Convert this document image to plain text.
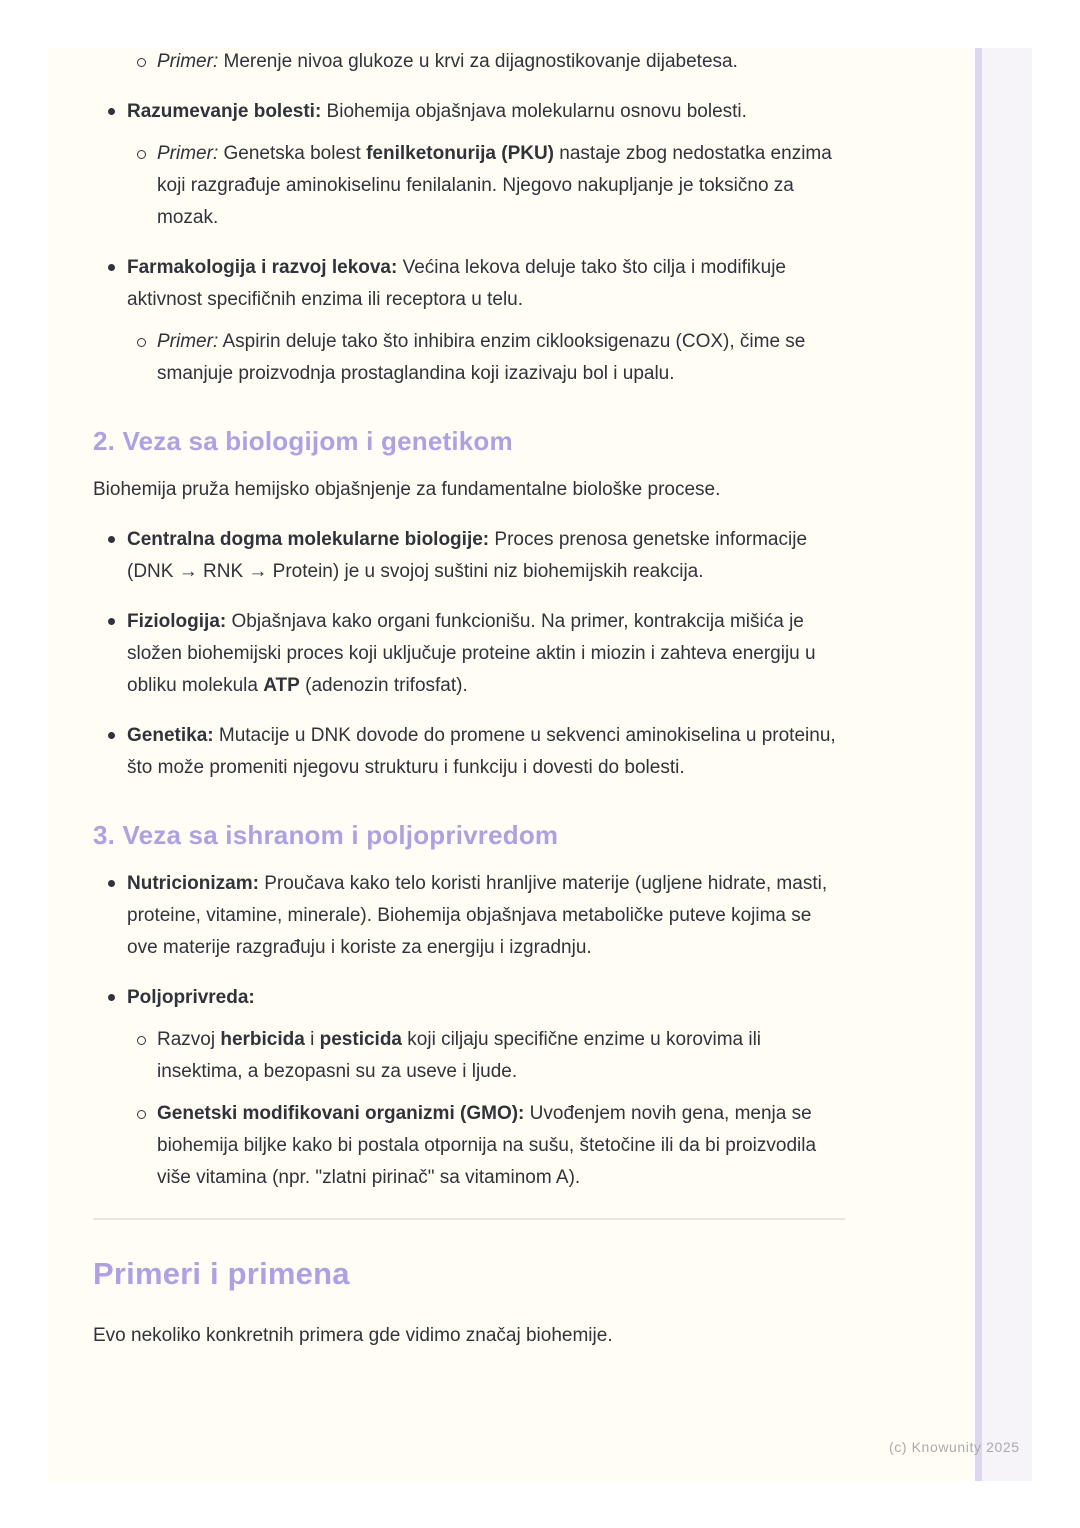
Primer: Merenje nivoa glukoze u krvi za dijagnostikovanje dijabetesa.
Razumevanje bolesti: Biohemija objašnjava molekularnu osnovu bolesti.
Primer: Genetska bolest fenilketonurija (PKU) nastaje zbog nedostatka enzima koji razgrađuje aminokiselinu fenilalanin. Njegovo nakupljanje je toksično za mozak.
Farmakologija i razvoj lekova: Većina lekova deluje tako što cilja i modifikuje aktivnost specifičnih enzima ili receptora u telu.
Primer: Aspirin deluje tako što inhibira enzim ciklooksigenazu (COX), čime se smanjuje proizvodnja prostaglandina koji izazivaju bol i upalu.
2. Veza sa biologijom i genetikom

Biohemija pruža hemijsko objašnjenje za fundamentalne biološke procese.

Centralna dogma molekularne biologije: Proces prenosa genetske informacije (DNK → RNK → Protein) je u svojoj suštini niz biohemijskih reakcija.
Fiziologija: Objašnjava kako organi funkcionišu. Na primer, kontrakcija mišića je složen biohemijski proces koji uključuje proteine aktin i miozin i zahteva energiju u obliku molekula ATP (adenozin trifosfat).
Genetika: Mutacije u DNK dovode do promene u sekvenci aminokiselina u proteinu, što može promeniti njegovu strukturu i funkciju i dovesti do bolesti.
3. Veza sa ishranom i poljoprivredom
Nutricionizam: Proučava kako telo koristi hranljive materije (ugljene hidrate, masti, proteine, vitamine, minerale). Biohemija objašnjava metaboličke puteve kojima se ove materije razgrađuju i koriste za energiju i izgradnju.
Poljoprivreda:
Razvoj herbicida i pesticida koji ciljaju specifične enzime u korovima ili insektima, a bezopasni su za useve i ljude.
Genetski modifikovani organizmi (GMO): Uvođenjem novih gena, menja se biohemija biljke kako bi postala otpornija na sušu, štetočine ili da bi proizvodila više vitamina (npr. "zlatni pirinač" sa vitaminom A).
Primeri i primena

Evo nekoliko konkretnih primera gde vidimo značaj biohemije.

(c) Knowunity 2025
